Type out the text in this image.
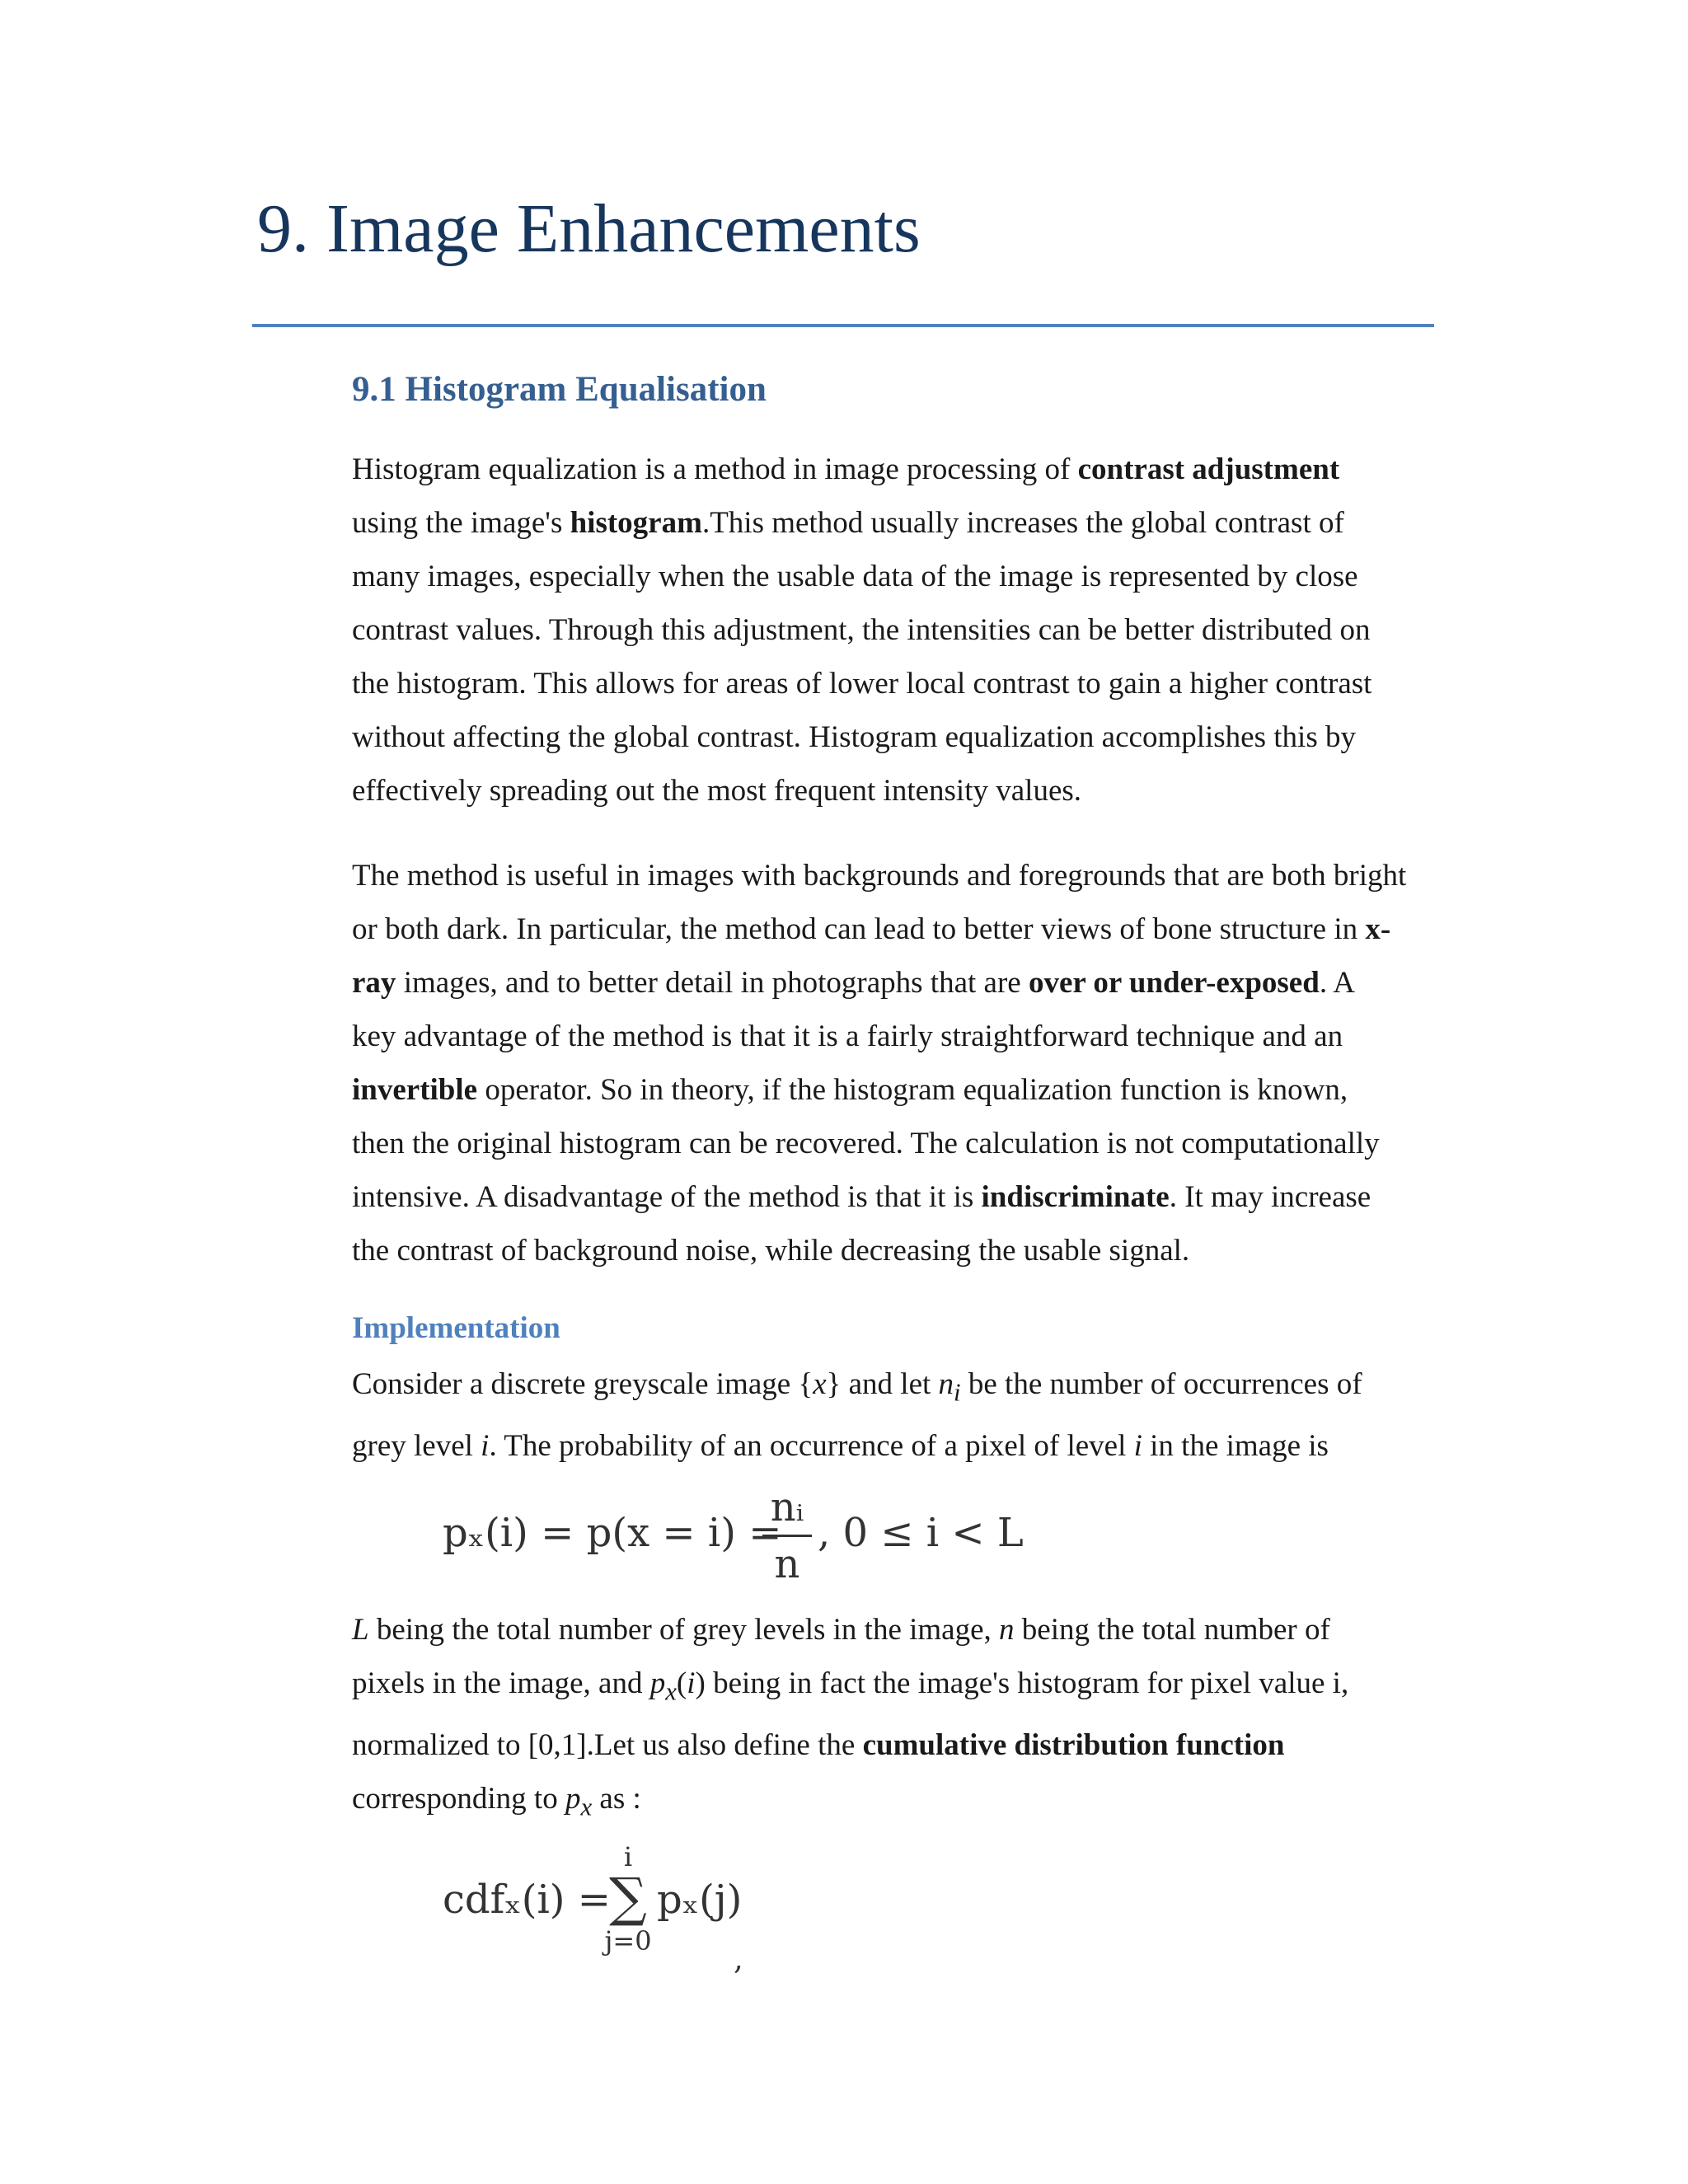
9. Image Enhancements
9.1 Histogram Equalisation
Histogram equalization is a method in image processing of contrast adjustment
using the image's histogram.This method usually increases the global contrast of
many images, especially when the usable data of the image is represented by close
contrast values. Through this adjustment, the intensities can be better distributed on
the histogram. This allows for areas of lower local contrast to gain a higher contrast
without affecting the global contrast. Histogram equalization accomplishes this by
effectively spreading out the most frequent intensity values.
The method is useful in images with backgrounds and foregrounds that are both bright
or both dark. In particular, the method can lead to better views of bone structure in x-
ray images, and to better detail in photographs that are over or under-exposed. A
key advantage of the method is that it is a fairly straightforward technique and an
invertible operator. So in theory, if the histogram equalization function is known,
then the original histogram can be recovered. The calculation is not computationally
intensive. A disadvantage of the method is that it is indiscriminate. It may increase
the contrast of background noise, while decreasing the usable signal.
Implementation
Consider a discrete greyscale image {x} and let $n_i$ be the number of occurrences of
grey level i. The probability of an occurrence of a pixel of level i in the image is
pₓ(i) = p(x = i) =
nᵢ
n
, 0 ≤ i < L
L being the total number of grey levels in the image, n being the total number of
pixels in the image, and $p_x(i)$ being in fact the image's histogram for pixel value i,
normalized to [0,1].Let us also define the cumulative distribution function
corresponding to $p_x$ as :
cdfₓ(i) =
i
∑
j=0
pₓ(j)
,
